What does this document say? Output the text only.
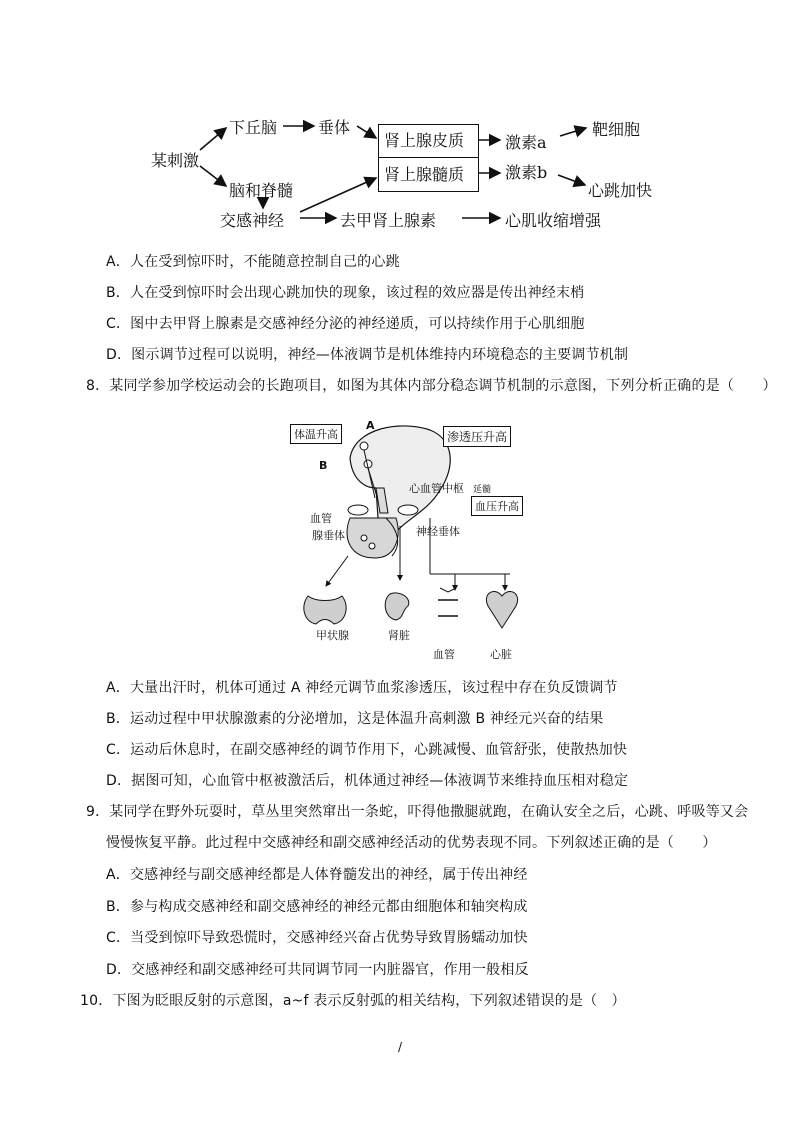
某刺激
下丘脑	垂体
脑和脊髓
交感神经
肾上腺皮质
肾上腺髓质
激素a
激素b
靶细胞
心跳加快
去甲肾上腺素	心肌收缩增强
A．人在受到惊吓时，不能随意控制自己的心跳
B．人在受到惊吓时会出现心跳加快的现象，该过程的效应器是传出神经末梢
C．图中去甲肾上腺素是交感神经分泌的神经递质，可以持续作用于心肌细胞
D．图示调节过程可以说明，神经—体液调节是机体维持内环境稳态的主要调节机制
8．某同学参加学校运动会的长跑项目，如图为其体内部分稳态调节机制的示意图，下列分析正确的是（　　）
体温升高
A
B
渗透压升高
心血管中枢 延髓
血压升高
血管
腺垂体	神经垂体
甲状腺	肾脏
血管	心脏
A．大量出汗时，机体可通过 A 神经元调节血浆渗透压，该过程中存在负反馈调节
B．运动过程中甲状腺激素的分泌增加，这是体温升高刺激 B 神经元兴奋的结果
C．运动后休息时，在副交感神经的调节作用下，心跳减慢、血管舒张，使散热加快
D．据图可知，心血管中枢被激活后，机体通过神经—体液调节来维持血压相对稳定
9．某同学在野外玩耍时，草丛里突然窜出一条蛇，吓得他撒腿就跑，在确认安全之后，心跳、呼吸等又会
慢慢恢复平静。此过程中交感神经和副交感神经活动的优势表现不同。下列叙述正确的是（　　）
A．交感神经与副交感神经都是人体脊髓发出的神经，属于传出神经
B．参与构成交感神经和副交感神经的神经元都由细胞体和轴突构成
C．当受到惊吓导致恐慌时，交感神经兴奋占优势导致胃肠蠕动加快
D．交感神经和副交感神经可共同调节同一内脏器官，作用一般相反
10．下图为眨眼反射的示意图，a~f 表示反射弧的相关结构，下列叙述错误的是（　）
/
